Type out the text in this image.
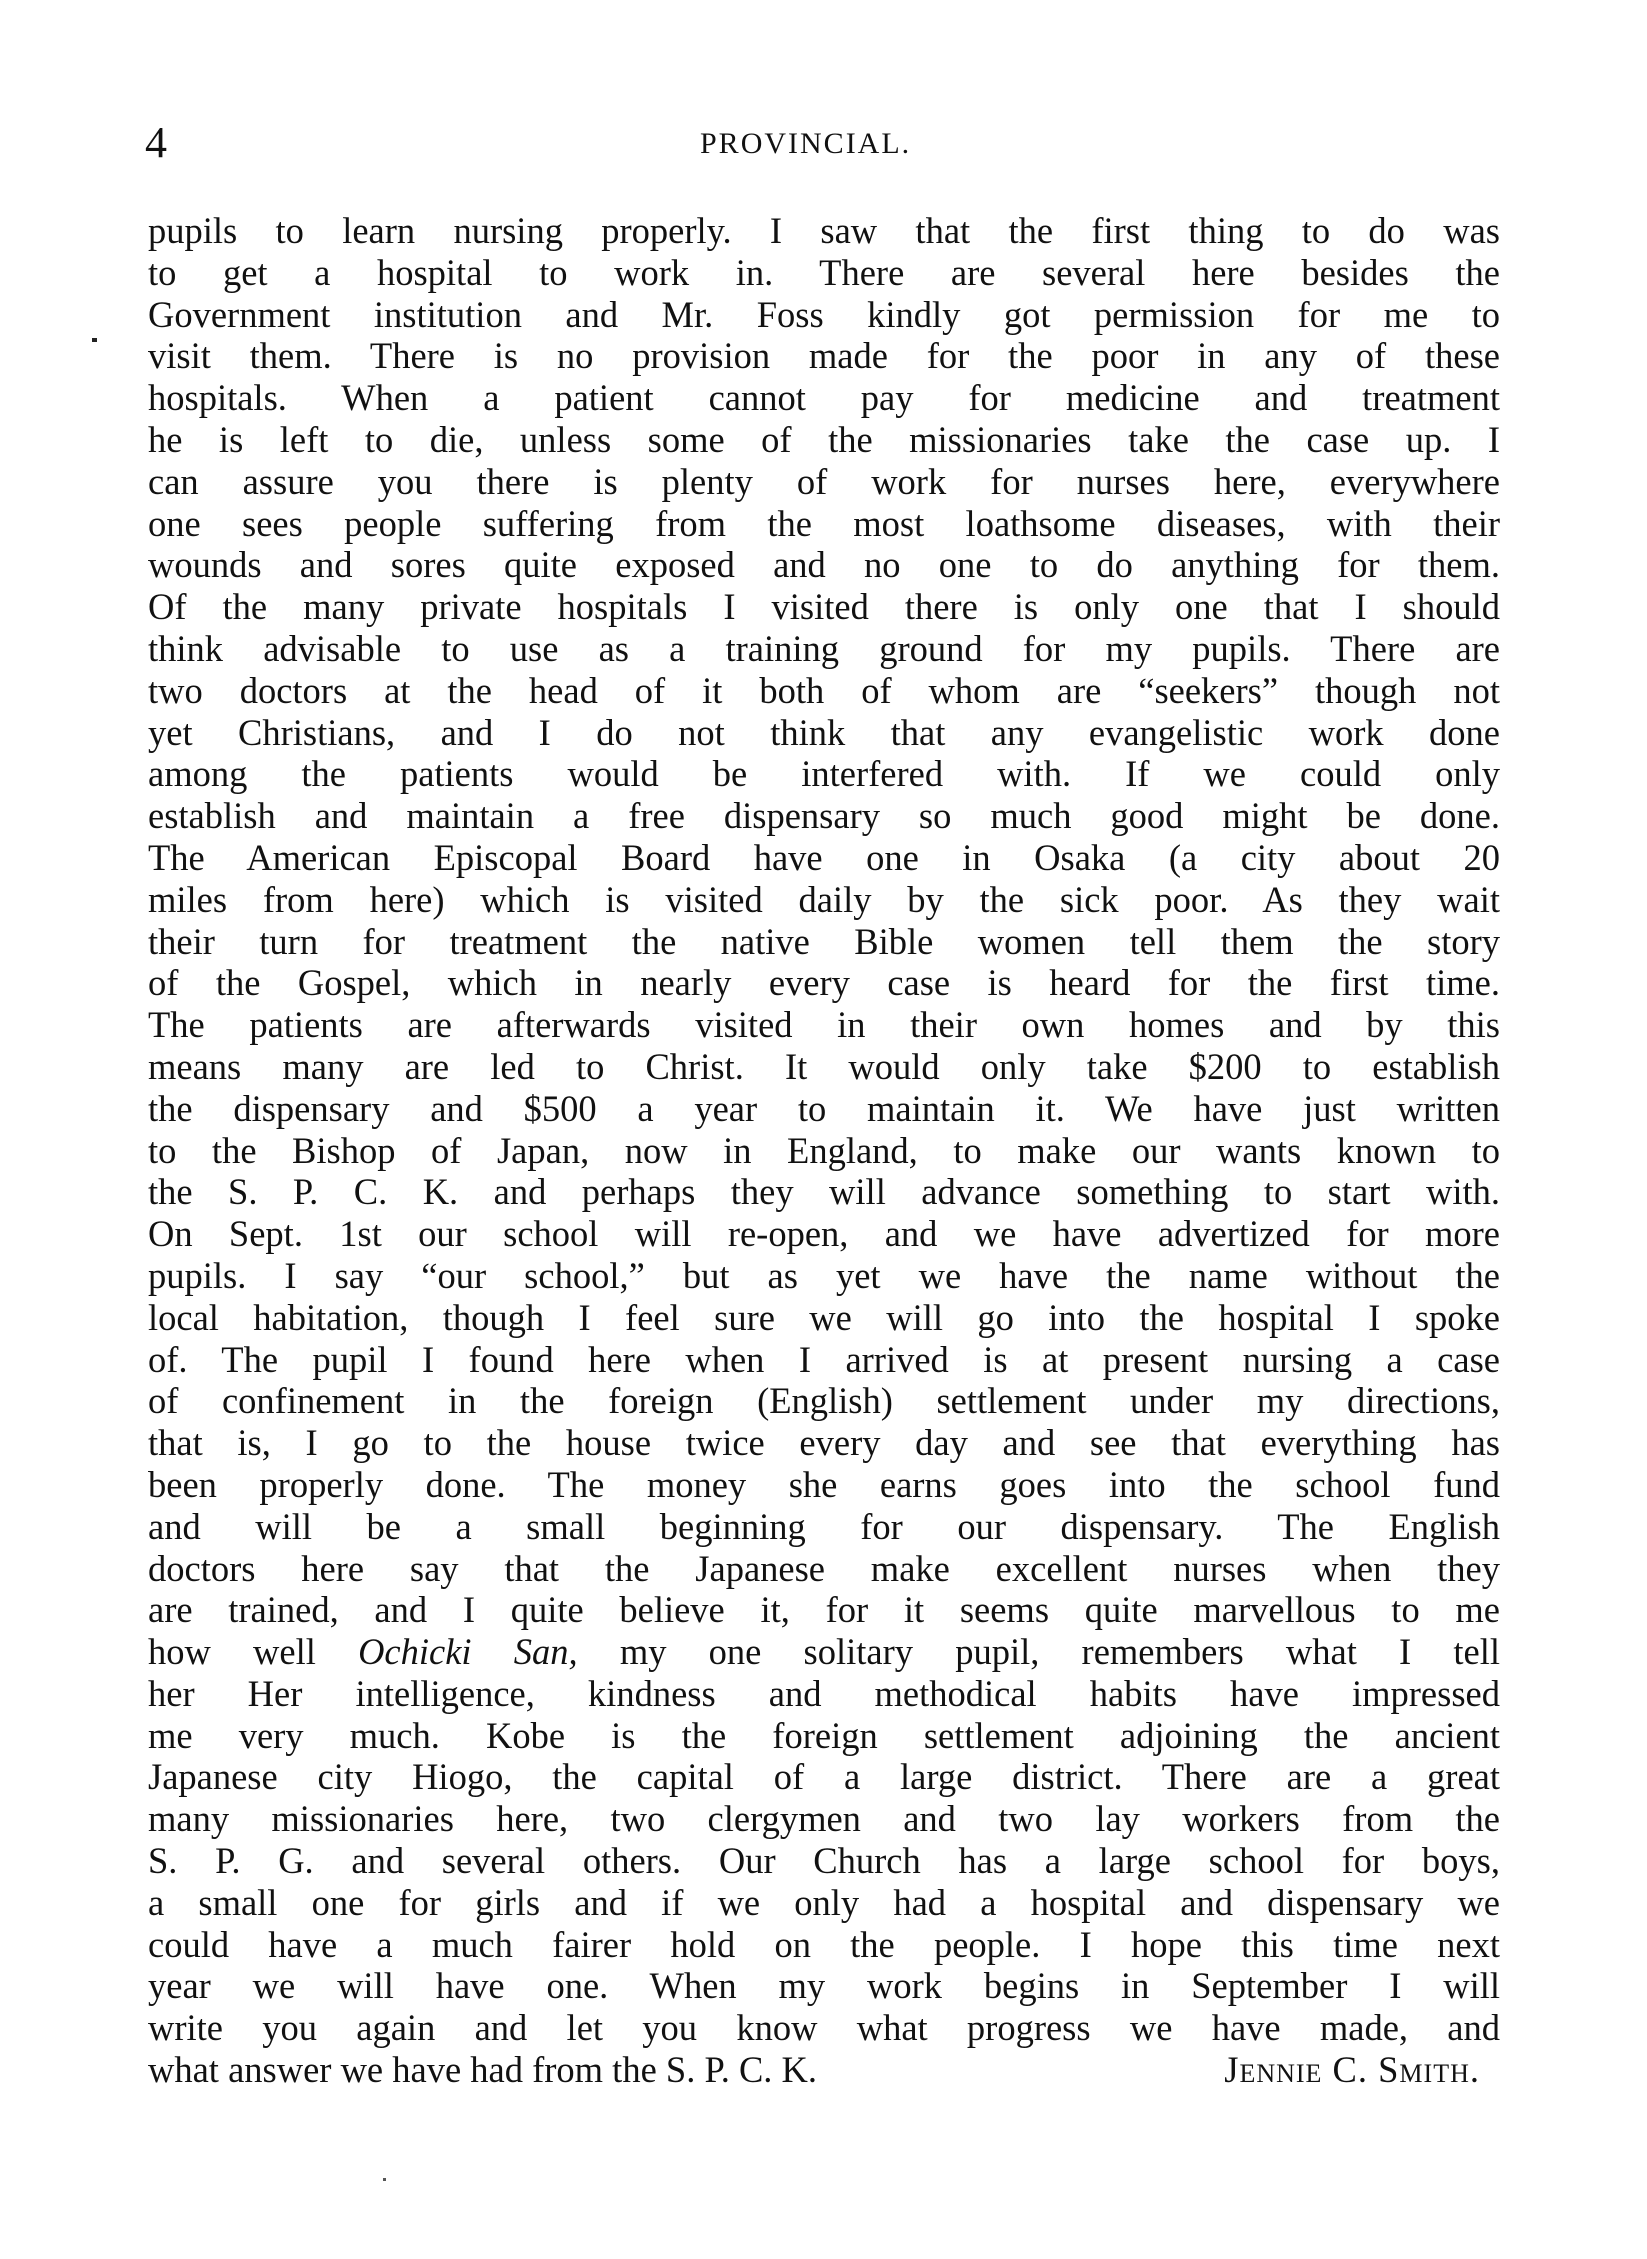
4	PROVINCIAL.
pupils to learn nursing properly. I saw that the first thing to do was
to get a hospital to work in. There are several here besides the
Government institution and Mr. Foss kindly got permission for me to
visit them. There is no provision made for the poor in any of these
hospitals. When a patient cannot pay for medicine and treatment
he is left to die, unless some of the missionaries take the case up. I
can assure you there is plenty of work for nurses here, everywhere
one sees people suffering from the most loathsome diseases, with their
wounds and sores quite exposed and no one to do anything for them.
Of the many private hospitals I visited there is only one that I should
think advisable to use as a training ground for my pupils. There are
two doctors at the head of it both of whom are “seekers” though not
yet Christians, and I do not think that any evangelistic work done
among the patients would be interfered with. If we could only
establish and maintain a free dispensary so much good might be done.
The American Episcopal Board have one in Osaka (a city about 20
miles from here) which is visited daily by the sick poor. As they wait
their turn for treatment the native Bible women tell them the story
of the Gospel, which in nearly every case is heard for the first time.
The patients are afterwards visited in their own homes and by this
means many are led to Christ. It would only take $200 to establish
the dispensary and $500 a year to maintain it. We have just written
to the Bishop of Japan, now in England, to make our wants known to
the S. P. C. K. and perhaps they will advance something to start with.
On Sept. 1st our school will re-open, and we have advertized for more
pupils. I say “our school,” but as yet we have the name without the
local habitation, though I feel sure we will go into the hospital I spoke
of. The pupil I found here when I arrived is at present nursing a case
of confinement in the foreign (English) settlement under my directions,
that is, I go to the house twice every day and see that everything has
been properly done. The money she earns goes into the school fund
and will be a small beginning for our dispensary. The English
doctors here say that the Japanese make excellent nurses when they
are trained, and I quite believe it, for it seems quite marvellous to me
how well Ochicki San, my one solitary pupil, remembers what I tell
her Her intelligence, kindness and methodical habits have impressed
me very much. Kobe is the foreign settlement adjoining the ancient
Japanese city Hiogo, the capital of a large district. There are a great
many missionaries here, two clergymen and two lay workers from the
S. P. G. and several others. Our Church has a large school for boys,
a small one for girls and if we only had a hospital and dispensary we
could have a much fairer hold on the people. I hope this time next
year we will have one. When my work begins in September I will
write you again and let you know what progress we have made, and
what answer we have had from the S. P. C. K.	Jennie C. Smith.
